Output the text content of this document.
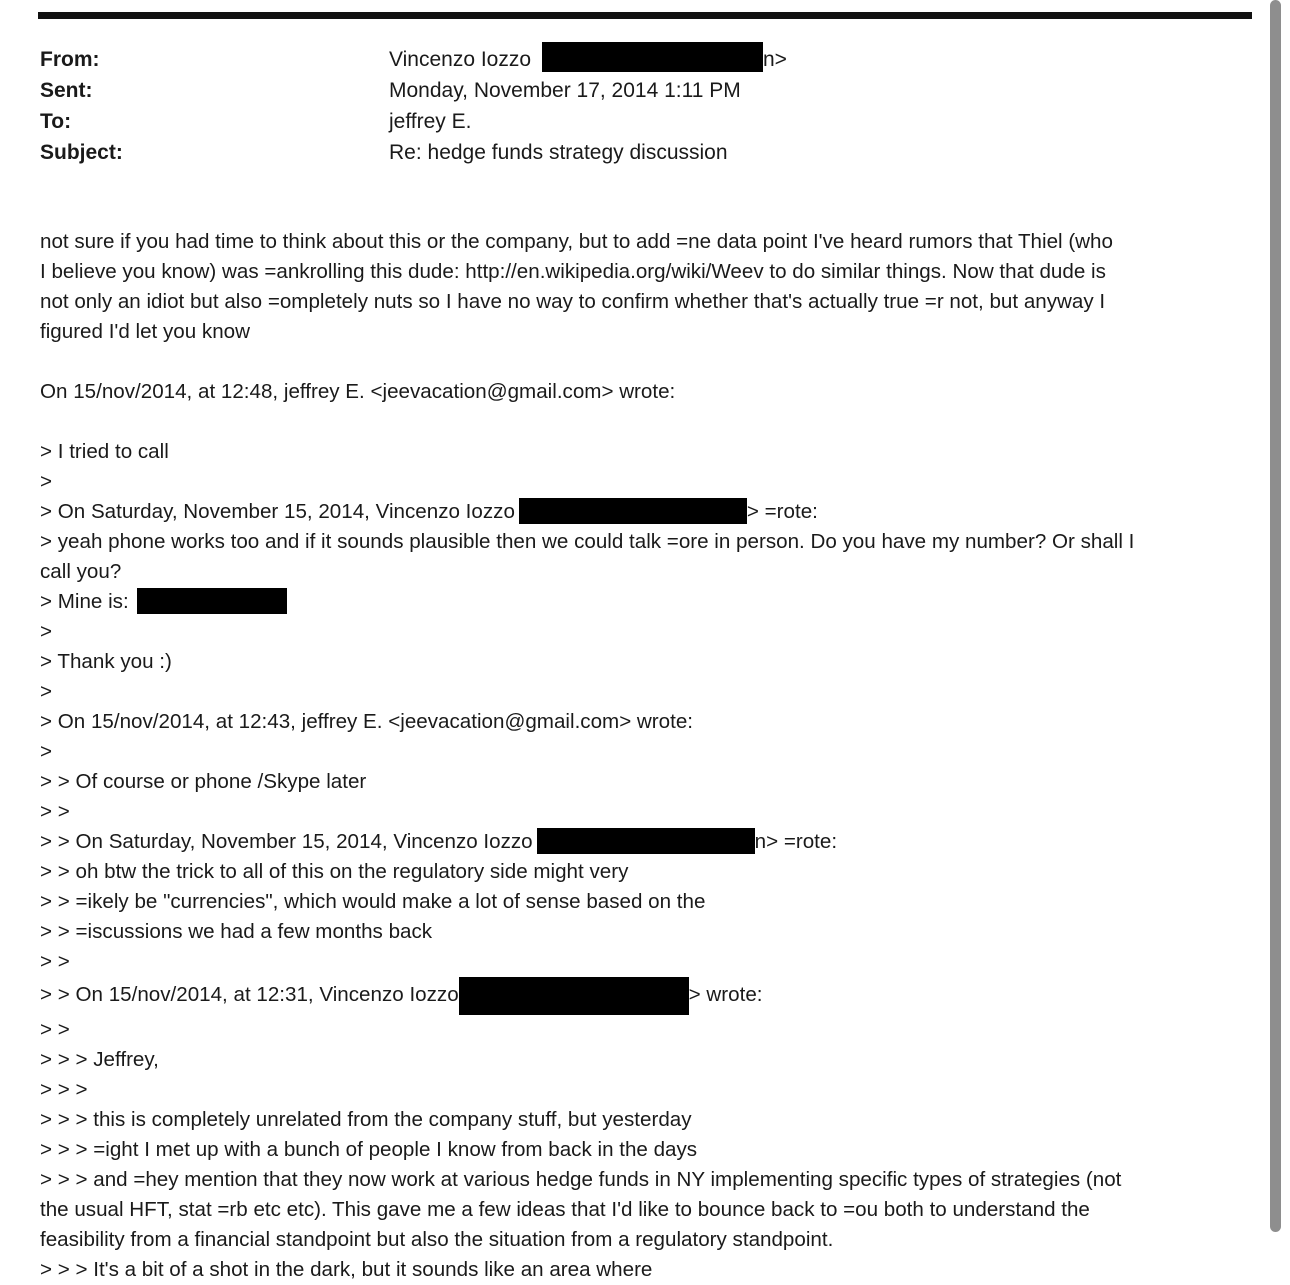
From:	Vincenzo Iozzo	n>
Sent:	Monday, November 17, 2014 1:11 PM
To:	jeffrey E.
Subject:	Re: hedge funds strategy discussion
not sure if you had time to think about this or the company, but to add =ne data point I've heard rumors that Thiel (who
I believe you know) was =ankrolling this dude: http://en.wikipedia.org/wiki/Weev to do similar things. Now that dude is
not only an idiot but also =ompletely nuts so I have no way to confirm whether that's actually true =r not, but anyway I
figured I'd let you know
On 15/nov/2014, at 12:48, jeffrey E. <jeevacation@gmail.com> wrote:
> I tried to call
>
> On Saturday, November 15, 2014, Vincenzo Iozzo	> =rote:
> yeah phone works too and if it sounds plausible then we could talk =ore in person. Do you have my number? Or shall I
call you?
> Mine is:
>
> Thank you :)
>
> On 15/nov/2014, at 12:43, jeffrey E. <jeevacation@gmail.com> wrote:
>
> > Of course or phone /Skype later
> >
> > On Saturday, November 15, 2014, Vincenzo Iozzo	n> =rote:
> > oh btw the trick to all of this on the regulatory side might very
> > =ikely be "currencies", which would make a lot of sense based on the
> > =iscussions we had a few months back
> >
> > On 15/nov/2014, at 12:31, Vincenzo Iozzo	> wrote:
> >
> > > Jeffrey,
> > >
> > > this is completely unrelated from the company stuff, but yesterday
> > > =ight I met up with a bunch of people I know from back in the days
> > > and =hey mention that they now work at various hedge funds in NY implementing specific types of strategies (not
the usual HFT, stat =rb etc etc). This gave me a few ideas that I'd like to bounce back to =ou both to understand the
feasibility from a financial standpoint but also the situation from a regulatory standpoint.
> > > It's a bit of a shot in the dark, but it sounds like an area where
